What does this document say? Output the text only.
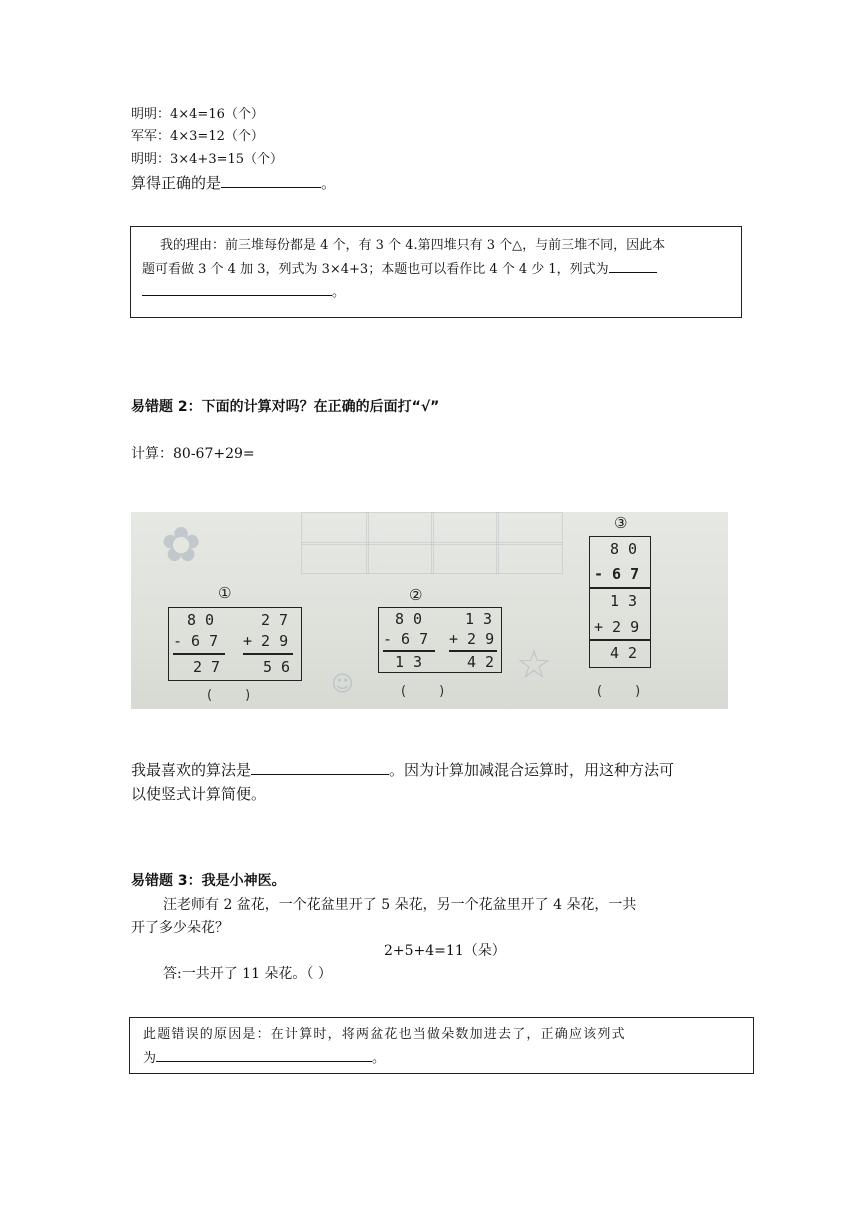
明明：4×4=16（个）
军军：4×3=12（个）
明明：3×4+3=15（个）
算得正确的是	。
我的理由：前三堆每份都是 4 个，有 3 个 4.第四堆只有 3 个△，与前三堆不同，因此本
题可看做 3 个 4 加 3，列式为 3×4+3；本题也可以看作比 4 个 4 少 1，列式为
。
易错题 2：下面的计算对吗？在正确的后面打“√”
计算：80-67+29=
✿
☆
☺
①
8 0	2 7
- 6 7 + 2 9
2 7	5 6
(        )
②
8 0	1 3
- 6 7 + 2 9
1 3	4 2
(        )
③
8 0
- 6 7
1 3
+ 2 9
4 2
(        )
我最喜欢的算法是	。因为计算加减混合运算时，用这种方法可
以使竖式计算简便。
易错题 3：我是小神医。
汪老师有 2 盆花，一个花盆里开了 5 朵花，另一个花盆里开了 4 朵花，一共
开了多少朵花？
2+5+4=11（朵）
答:一共开了 11 朵花。（ ）
此题错误的原因是：在计算时，将两盆花也当做朵数加进去了，正确应该列式
为	。
